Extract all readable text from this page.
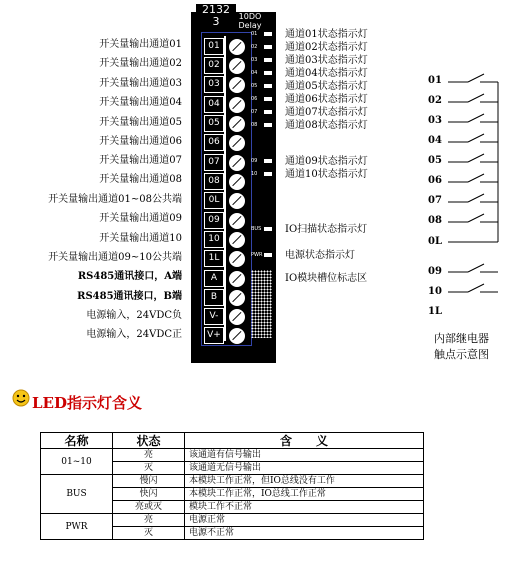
开关量输出通道01
开关量输出通道02
开关量输出通道03
开关量输出通道04
开关量输出通道05
开关量输出通道06
开关量输出通道07
开关量输出通道08
开关量输出通道01~08公共端
开关量输出通道09
开关量输出通道10
开关量输出通道09~10公共端
RS485通讯接口，A端
RS485通讯接口，B端
电源输入，24VDC负
电源输入，24VDC正
2132
3	10DO
Delay
01
02
03
04
05
06
07
08
0L
09
10
1L
A
B
V-
V+
01
02
03
04
05
06
07
08
09
10
BUS
PWR
通道01状态指示灯
通道02状态指示灯
通道03状态指示灯
通道04状态指示灯
通道05状态指示灯
通道06状态指示灯
通道07状态指示灯
通道08状态指示灯
通道09状态指示灯
通道10状态指示灯
IO扫描状态指示灯
电源状态指示灯
IO模块槽位标志区
01
02
03
04
05
06
07
08
0L
09
10
1L
内部继电器
触点示意图
LED指示灯含义
名称	状态	含　　义
01~10	亮	该通道有信号输出
	灭	该通道无信号输出
BUS	慢闪	本模块工作正常，但IO总线没有工作
	快闪	本模块工作正常，IO总线工作正常
	亮或灭	模块工作不正常
PWR	亮	电源正常
	灭	电源不正常
